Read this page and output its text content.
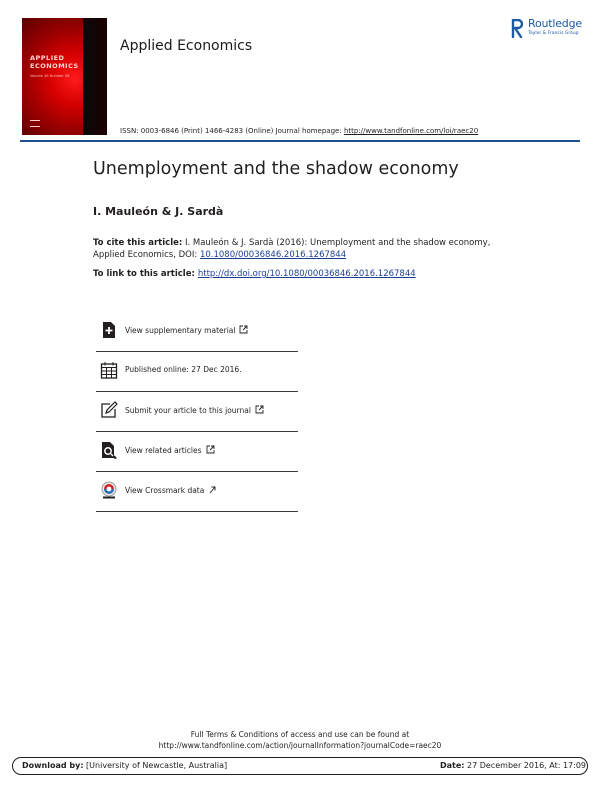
APPLIED
ECONOMICS
Volume 48 Number 56
Applied Economics
Routledge
Taylor & Francis Group
ISSN: 0003-6846 (Print) 1466-4283 (Online) Journal homepage: http://www.tandfonline.com/loi/raec20
Unemployment and the shadow economy
I. Mauleón & J. Sardà
To cite this article: I. Mauleón & J. Sardà (2016): Unemployment and the shadow economy, Applied Economics, DOI: 10.1080/00036846.2016.1267844
To link to this article: http://dx.doi.org/10.1080/00036846.2016.1267844
View supplementary material
Published online: 27 Dec 2016.
Submit your article to this journal
View related articles
View Crossmark data
Full Terms & Conditions of access and use can be found at
http://www.tandfonline.com/action/journalInformation?journalCode=raec20
Download by: [University of Newcastle, Australia]	Date: 27 December 2016, At: 17:09
